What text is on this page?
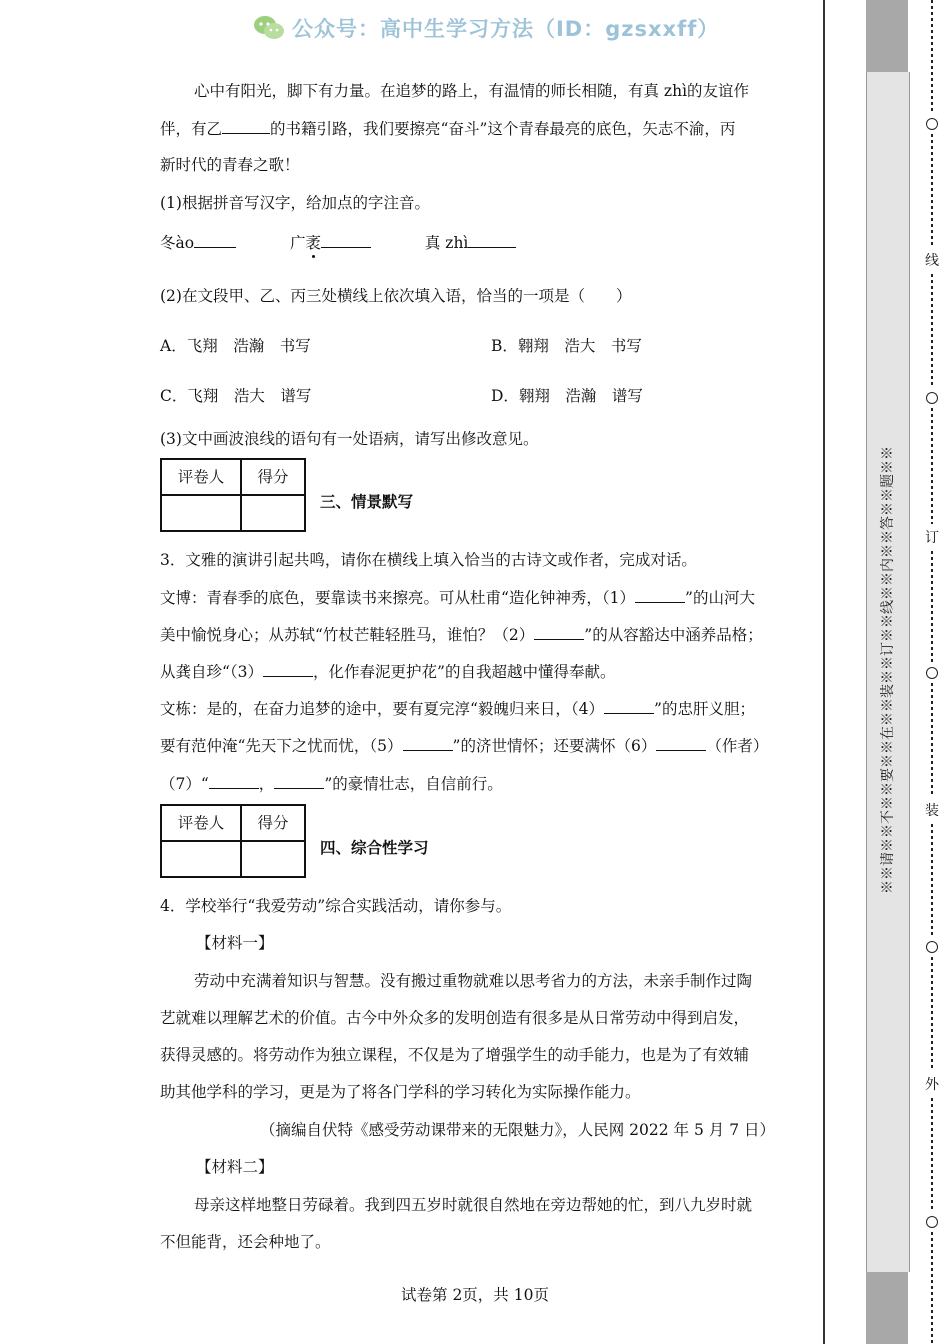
公众号：高中生学习方法（ID：gzsxxff）
心中有阳光，脚下有力量。在追梦的路上，有温情的师长相随，有真 zhì的友谊作
伴，有乙	的书籍引路，我们要擦亮“奋斗”这个青春最亮的底色，矢志不渝，丙
新时代的青春之歌！
(1)根据拼音写汉字，给加点的字注音。
冬ào	广袤	真 zhì
(2)在文段甲、乙、丙三处横线上依次填入语，恰当的一项是（　　）
A．飞翔　浩瀚　书写	B．翱翔　浩大　书写
C．飞翔　浩大　谱写	D．翱翔　浩瀚　谱写
(3)文中画波浪线的语句有一处语病，请写出修改意见。
评卷人	得分
三、情景默写
3．文雅的演讲引起共鸣，请你在横线上填入恰当的古诗文或作者，完成对话。
文博：青春季的底色，要靠读书来擦亮。可从杜甫“造化钟神秀，（1）	”的山河大
美中愉悦身心；从苏轼“竹杖芒鞋轻胜马，谁怕？（2）	”的从容豁达中涵养品格；
从龚自珍“（3）	，化作春泥更护花”的自我超越中懂得奉献。
文栋：是的，在奋力追梦的途中，要有夏完淳“毅魄归来日，（4）	”的忠肝义胆；
要有范仲淹“先天下之忧而忧，（5）	”的济世情怀；还要满怀（6）	（作者）
（7）“	，	”的豪情壮志，自信前行。
评卷人	得分
四、综合性学习
4．学校举行“我爱劳动”综合实践活动，请你参与。
【材料一】
劳动中充满着知识与智慧。没有搬过重物就难以思考省力的方法，未亲手制作过陶
艺就难以理解艺术的价值。古今中外众多的发明创造有很多是从日常劳动中得到启发，
获得灵感的。将劳动作为独立课程，不仅是为了增强学生的动手能力，也是为了有效辅
助其他学科的学习，更是为了将各门学科的学习转化为实际操作能力。
（摘编自伏特《感受劳动课带来的无限魅力》，人民网 2022 年 5 月 7 日）
【材料二】
母亲这样地整日劳碌着。我到四五岁时就很自然地在旁边帮她的忙，到八九岁时就
不但能背，还会种地了。
试卷第 2页，共 10页
※※请※※不※※要※※在※※装※※订※※线※※内※※答※※题※※
线
订
装
外
